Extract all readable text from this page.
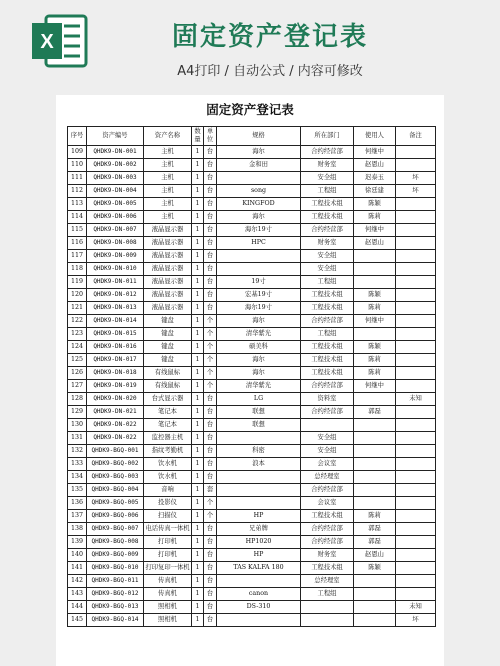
X	固定资产登记表
A4打印 / 自动公式 / 内容可修改
固定资产登记表
序号	资产编号	资产名称	数量	单位	规格	所在部门	使用人	备注
109	QHDK9-DN-001	主机	1	台	海尔	合约经营部	何继中	
110	QHDK9-DN-002	主机	1	台	金和田	财务室	赵恩山	
111	QHDK9-DN-003	主机	1	台		安全组	迟泰玉	坏
112	QHDK9-DN-004	主机	1	台	song	工程组	徐廷建	坏
113	QHDK9-DN-005	主机	1	台	KINGFOD	工程技术组	陈颖	
114	QHDK9-DN-006	主机	1	台	海尔	工程技术组	陈莉	
115	QHDK9-DN-007	液晶显示器	1	台	海尔19寸	合约经营部	何继中	
116	QHDK9-DN-008	液晶显示器	1	台	HPC	财务室	赵恩山	
117	QHDK9-DN-009	液晶显示器	1	台		安全组		
118	QHDK9-DN-010	液晶显示器	1	台		安全组		
119	QHDK9-DN-011	液晶显示器	1	台	19寸	工程组		
120	QHDK9-DN-012	液晶显示器	1	台	宏基19寸	工程技术组	陈颖	
121	QHDK9-DN-013	液晶显示器	1	台	海尔19寸	工程技术组	陈莉	
122	QHDK9-DN-014	键盘	1	个	海尔	合约经营部	何继中	
123	QHDK9-DN-015	键盘	1	个	清华紫光	工程组		
124	QHDK9-DN-016	键盘	1	个	硕美科	工程技术组	陈颖	
125	QHDK9-DN-017	键盘	1	个	海尔	工程技术组	陈莉	
126	QHDK9-DN-018	有线鼠标	1	个	海尔	工程技术组	陈莉	
127	QHDK9-DN-019	有线鼠标	1	个	清华紫光	合约经营部	何继中	
128	QHDK9-DN-020	台式显示器	1	台	LG	资料室		未知
129	QHDK9-DN-021	笔记本	1	台	联想	合约经营部	郭磊	
130	QHDK9-DN-022	笔记本	1	台	联想			
131	QHDK9-DN-022	监控器主机	1	台		安全组		
132	QHDK9-BGQ-001	指纹考勤机	1	台	科密	安全组		
133	QHDK9-BGQ-002	饮水机	1	台	浪本	会议室		
134	QHDK9-BGQ-003	饮水机	1	台		总经理室		
135	QHDK9-BGQ-004	音响	1	套		合约经营部		
136	QHDK9-BGQ-005	投影仪	1	个		会议室		
137	QHDK9-BGQ-006	扫描仪	1	个	HP	工程技术组	陈莉	
138	QHDK9-BGQ-007	电话传真一体机	1	台	兄弟牌	合约经营部	郭磊	
139	QHDK9-BGQ-008	打印机	1	台	HP1020	合约经营部	郭磊	
140	QHDK9-BGQ-009	打印机	1	台	HP	财务室	赵恩山	
141	QHDK9-BGQ-010	打印复印一体机	1	台	TAS KALFA 180	工程技术组	陈颖	
142	QHDK9-BGQ-011	传真机	1	台		总经理室		
143	QHDK9-BGQ-012	传真机	1	台	canon	工程组		
144	QHDK9-BGQ-013	照相机	1	台	DS-310			未知
145	QHDK9-BGQ-014	照相机	1	台				坏
